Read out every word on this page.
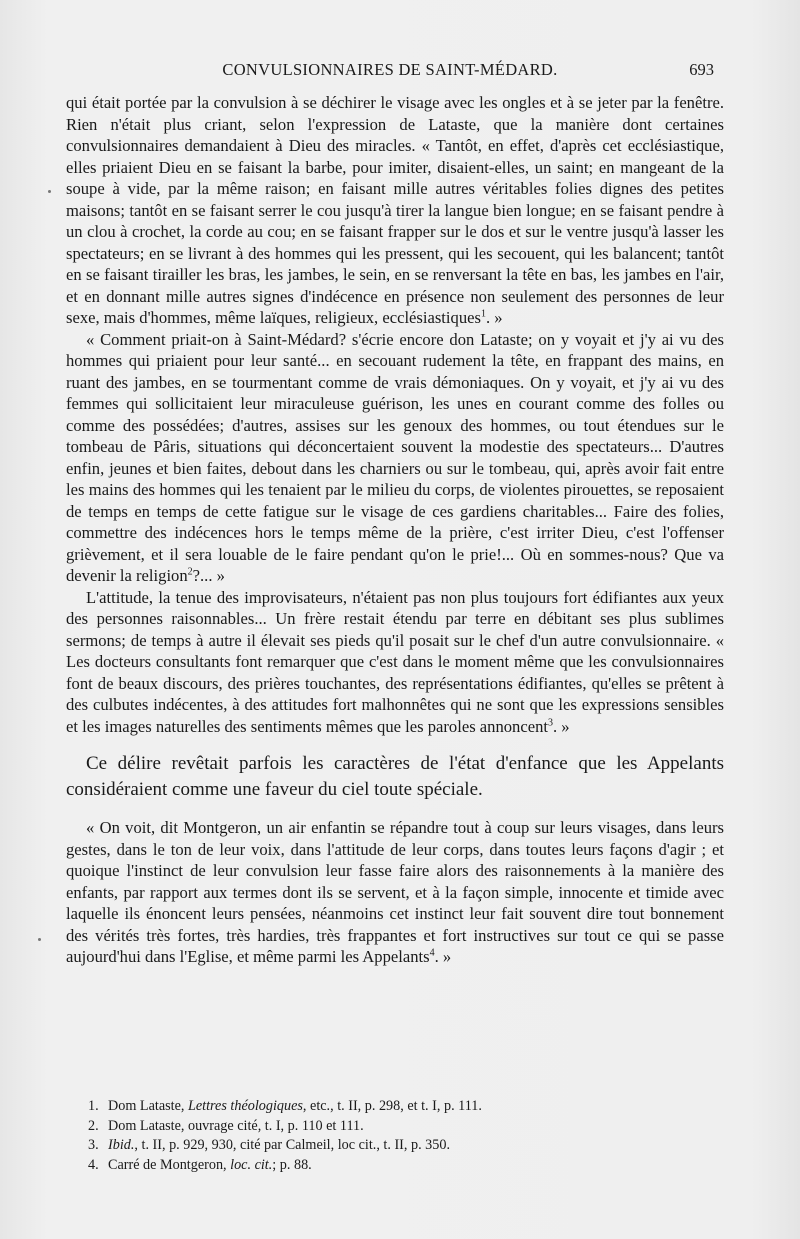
CONVULSIONNAIRES DE SAINT-MÉDARD.	693

qui était portée par la convulsion à se déchirer le visage avec les ongles et à se jeter par la fenêtre. Rien n'était plus criant, selon l'expression de Lataste, que la manière dont certaines convulsionnaires demandaient à Dieu des miracles. « Tantôt, en effet, d'après cet ecclésiastique, elles priaient Dieu en se faisant la barbe, pour imiter, disaient-elles, un saint; en mangeant de la soupe à vide, par la même raison; en faisant mille autres véritables folies dignes des petites maisons; tantôt en se faisant serrer le cou jusqu'à tirer la langue bien longue; en se faisant pendre à un clou à crochet, la corde au cou; en se faisant frapper sur le dos et sur le ventre jusqu'à lasser les spectateurs; en se livrant à des hommes qui les pressent, qui les secouent, qui les balancent; tantôt en se faisant tirailler les bras, les jambes, le sein, en se renversant la tête en bas, les jambes en l'air, et en donnant mille autres signes d'indécence en présence non seulement des personnes de leur sexe, mais d'hommes, même laïques, religieux, ecclésiastiques$^1$. »

« Comment priait-on à Saint-Médard? s'écrie encore don Lataste; on y voyait et j'y ai vu des hommes qui priaient pour leur santé... en secouant rudement la tête, en frappant des mains, en ruant des jambes, en se tourmentant comme de vrais démoniaques. On y voyait, et j'y ai vu des femmes qui sollicitaient leur miraculeuse guérison, les unes en courant comme des folles ou comme des possédées; d'autres, assises sur les genoux des hommes, ou tout étendues sur le tombeau de Pâris, situations qui déconcertaient souvent la modestie des spectateurs... D'autres enfin, jeunes et bien faites, debout dans les charniers ou sur le tombeau, qui, après avoir fait entre les mains des hommes qui les tenaient par le milieu du corps, de violentes pirouettes, se reposaient de temps en temps de cette fatigue sur le visage de ces gardiens charitables... Faire des folies, commettre des indécences hors le temps même de la prière, c'est irriter Dieu, c'est l'offenser grièvement, et il sera louable de le faire pendant qu'on le prie!... Où en sommes-nous? Que va devenir la religion$^2$?... »

L'attitude, la tenue des improvisateurs, n'étaient pas non plus toujours fort édifiantes aux yeux des personnes raisonnables... Un frère restait étendu par terre en débitant ses plus sublimes sermons; de temps à autre il élevait ses pieds qu'il posait sur le chef d'un autre convulsionnaire. « Les docteurs consultants font remarquer que c'est dans le moment même que les convulsionnaires font de beaux discours, des prières touchantes, des représentations édifiantes, qu'elles se prêtent à des culbutes indécentes, à des attitudes fort malhonnêtes qui ne sont que les expressions sensibles et les images naturelles des sentiments mêmes que les paroles annoncent$^3$. »

Ce délire revêtait parfois les caractères de l'état d'enfance que les Appelants considéraient comme une faveur du ciel toute spéciale.

« On voit, dit Montgeron, un air enfantin se répandre tout à coup sur leurs visages, dans leurs gestes, dans le ton de leur voix, dans l'attitude de leur corps, dans toutes leurs façons d'agir ; et quoique l'instinct de leur convulsion leur fasse faire alors des raisonnements à la manière des enfants, par rapport aux termes dont ils se servent, et à la façon simple, innocente et timide avec laquelle ils énoncent leurs pensées, néanmoins cet instinct leur fait souvent dire tout bonnement des vérités très fortes, très hardies, très frappantes et fort instructives sur tout ce qui se passe aujourd'hui dans l'Eglise, et même parmi les Appelants$^4$. »

1. Dom Lataste, Lettres théologiques, etc., t. II, p. 298, et t. I, p. 111.
2. Dom Lataste, ouvrage cité, t. I, p. 110 et 111.
3. Ibid., t. II, p. 929, 930, cité par Calmeil, loc cit., t. II, p. 350.
4. Carré de Montgeron, loc. cit.; p. 88.
